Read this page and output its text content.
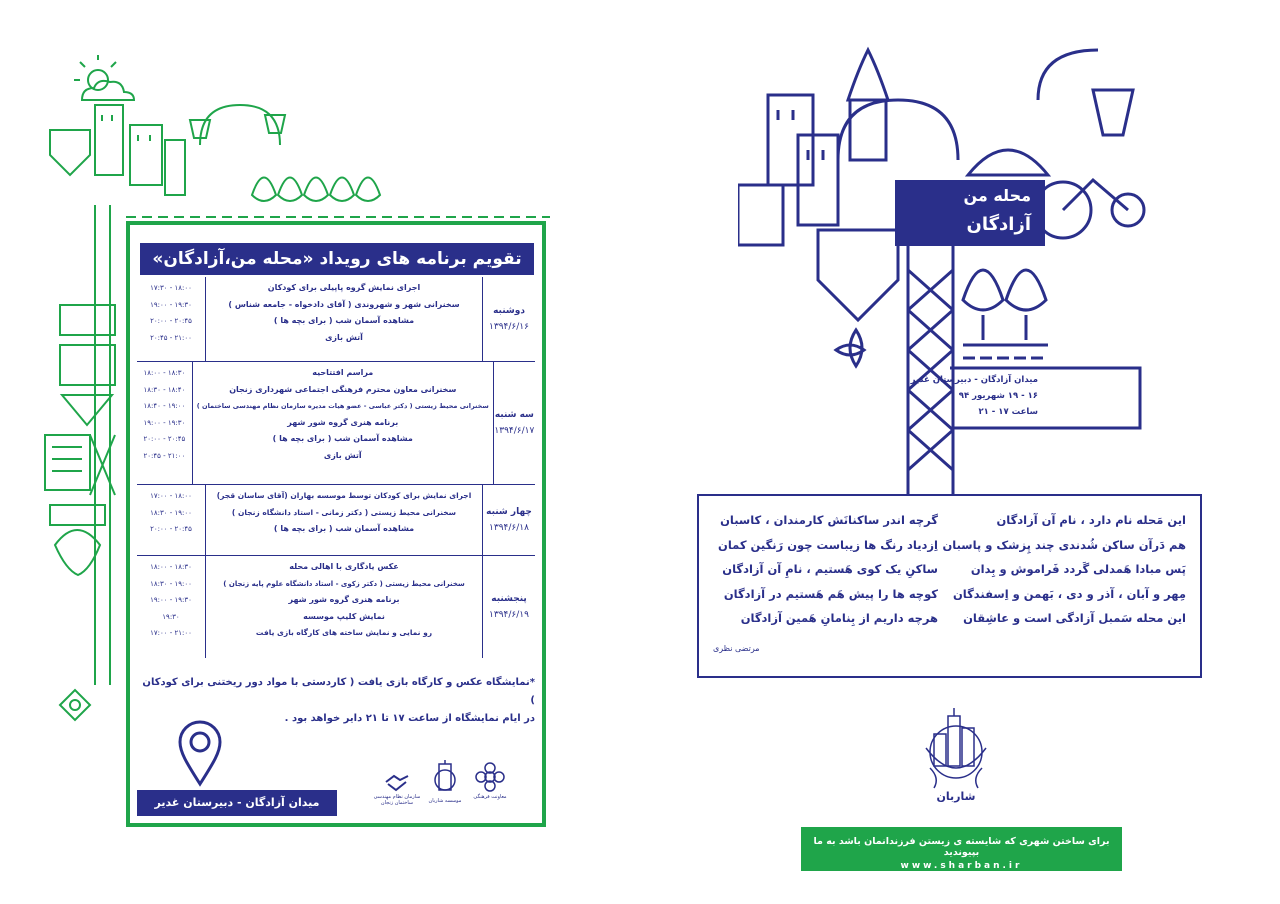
تقویم برنامه های رویداد «محله من،آزادگان»
دوشنبه
۱۳۹۴/۶/۱۶
اجرای نمایش گروه پاپیلی برای کودکان
سخنرانی شهر و شهروندی ( آقای دادخواه - جامعه شناس )
مشاهده آسمان شب ( برای بچه ها )
آتش بازی
۱۷:۳۰ - ۱۸:۰۰
۱۹:۰۰ - ۱۹:۳۰
۲۰:۰۰ - ۲۰:۴۵
۲۰:۴۵ - ۲۱:۰۰
سه شنبه
۱۳۹۴/۶/۱۷
مراسم افتتاحیه
سخنرانی معاون محترم فرهنگی اجتماعی شهرداری زنجان
سخنرانی محیط زیستی ( دکتر عباسی - عضو هیات مدیره سازمان نظام مهندسی ساختمان )
برنامه هنری گروه شور شهر
مشاهده آسمان شب ( برای بچه ها )
آتش بازی
۱۸:۰۰ - ۱۸:۳۰
۱۸:۳۰ - ۱۸:۴۰
۱۸:۴۰ - ۱۹:۰۰
۱۹:۰۰ - ۱۹:۳۰
۲۰:۰۰ - ۲۰:۴۵
۲۰:۴۵ - ۲۱:۰۰
چهار شنبه
۱۳۹۴/۶/۱۸
اجرای نمایش برای کودکان توسط موسسه بهاران (آقای ساسان قجر)
سخنرانی محیط زیستی ( دکتر زمانی - استاد دانشگاه زنجان )
مشاهده آسمان شب ( برای بچه ها )
۱۷:۰۰ - ۱۸:۰۰
۱۸:۳۰ - ۱۹:۰۰
۲۰:۰۰ - ۲۰:۴۵
پنجشنبه
۱۳۹۴/۶/۱۹
عکس یادگاری با اهالی محله
سخنرانی محیط زیستی ( دکتر زکوی - استاد دانشگاه علوم پایه زنجان )
برنامه هنری گروه شور شهر
نمایش کلیپ موسسه
رو نمایی و نمایش ساخته های کارگاه بازی یافت
۱۸:۰۰ - ۱۸:۳۰
۱۸:۳۰ - ۱۹:۰۰
۱۹:۰۰ - ۱۹:۳۰
۱۹:۳۰
۱۷:۰۰ - ۲۱:۰۰
*نمایشگاه عکس و کارگاه بازی یافت ( کاردستی با مواد دور ریختنی برای کودکان )
در ایام نمایشگاه از ساعت ۱۷ تا ۲۱ دایر خواهد بود .
میدان آزادگان - دبیرستان غدیر	سازمان نظام مهندسی ساختمان زنجان	موسسه شاربان
معاونت فرهنگی
محله من
آزادگان
میدان آزادگان - دبیرستان غدیر
۱۶ - ۱۹ شهریور ۹۴
ساعت ۱۷ - ۲۱
این مَحله نام دارد ، نام آن آزادگان
هم دَرآن ساکن شُدندی چند پِزشک و پاسبان
پَس مبادا هَمدلی گَردد فَراموش و بِدان
مِهر و آبان ، آذر و دی ، بَهمن و اِسفندگان
این محله سَمبل آزادگی است و عاشِقان
گرچه اندر ساکنانَش کارمندان ، کاسبان
اِزدیاد رنگ ها زیباست چون رَنگین کمان
ساکنِ یک کوی هَستیم ، نامِ آن آزادگان
کوچه ها را پیش هَم هَستیم در آزادگان
هرچه داریم از بِنامانِ هَمین آزادگان
مرتضی نظری
شاربان
برای ساختن شهری که شایسته ی زیستن فرزندانمان باشد به ما بپیوندید
www.sharban.ir
